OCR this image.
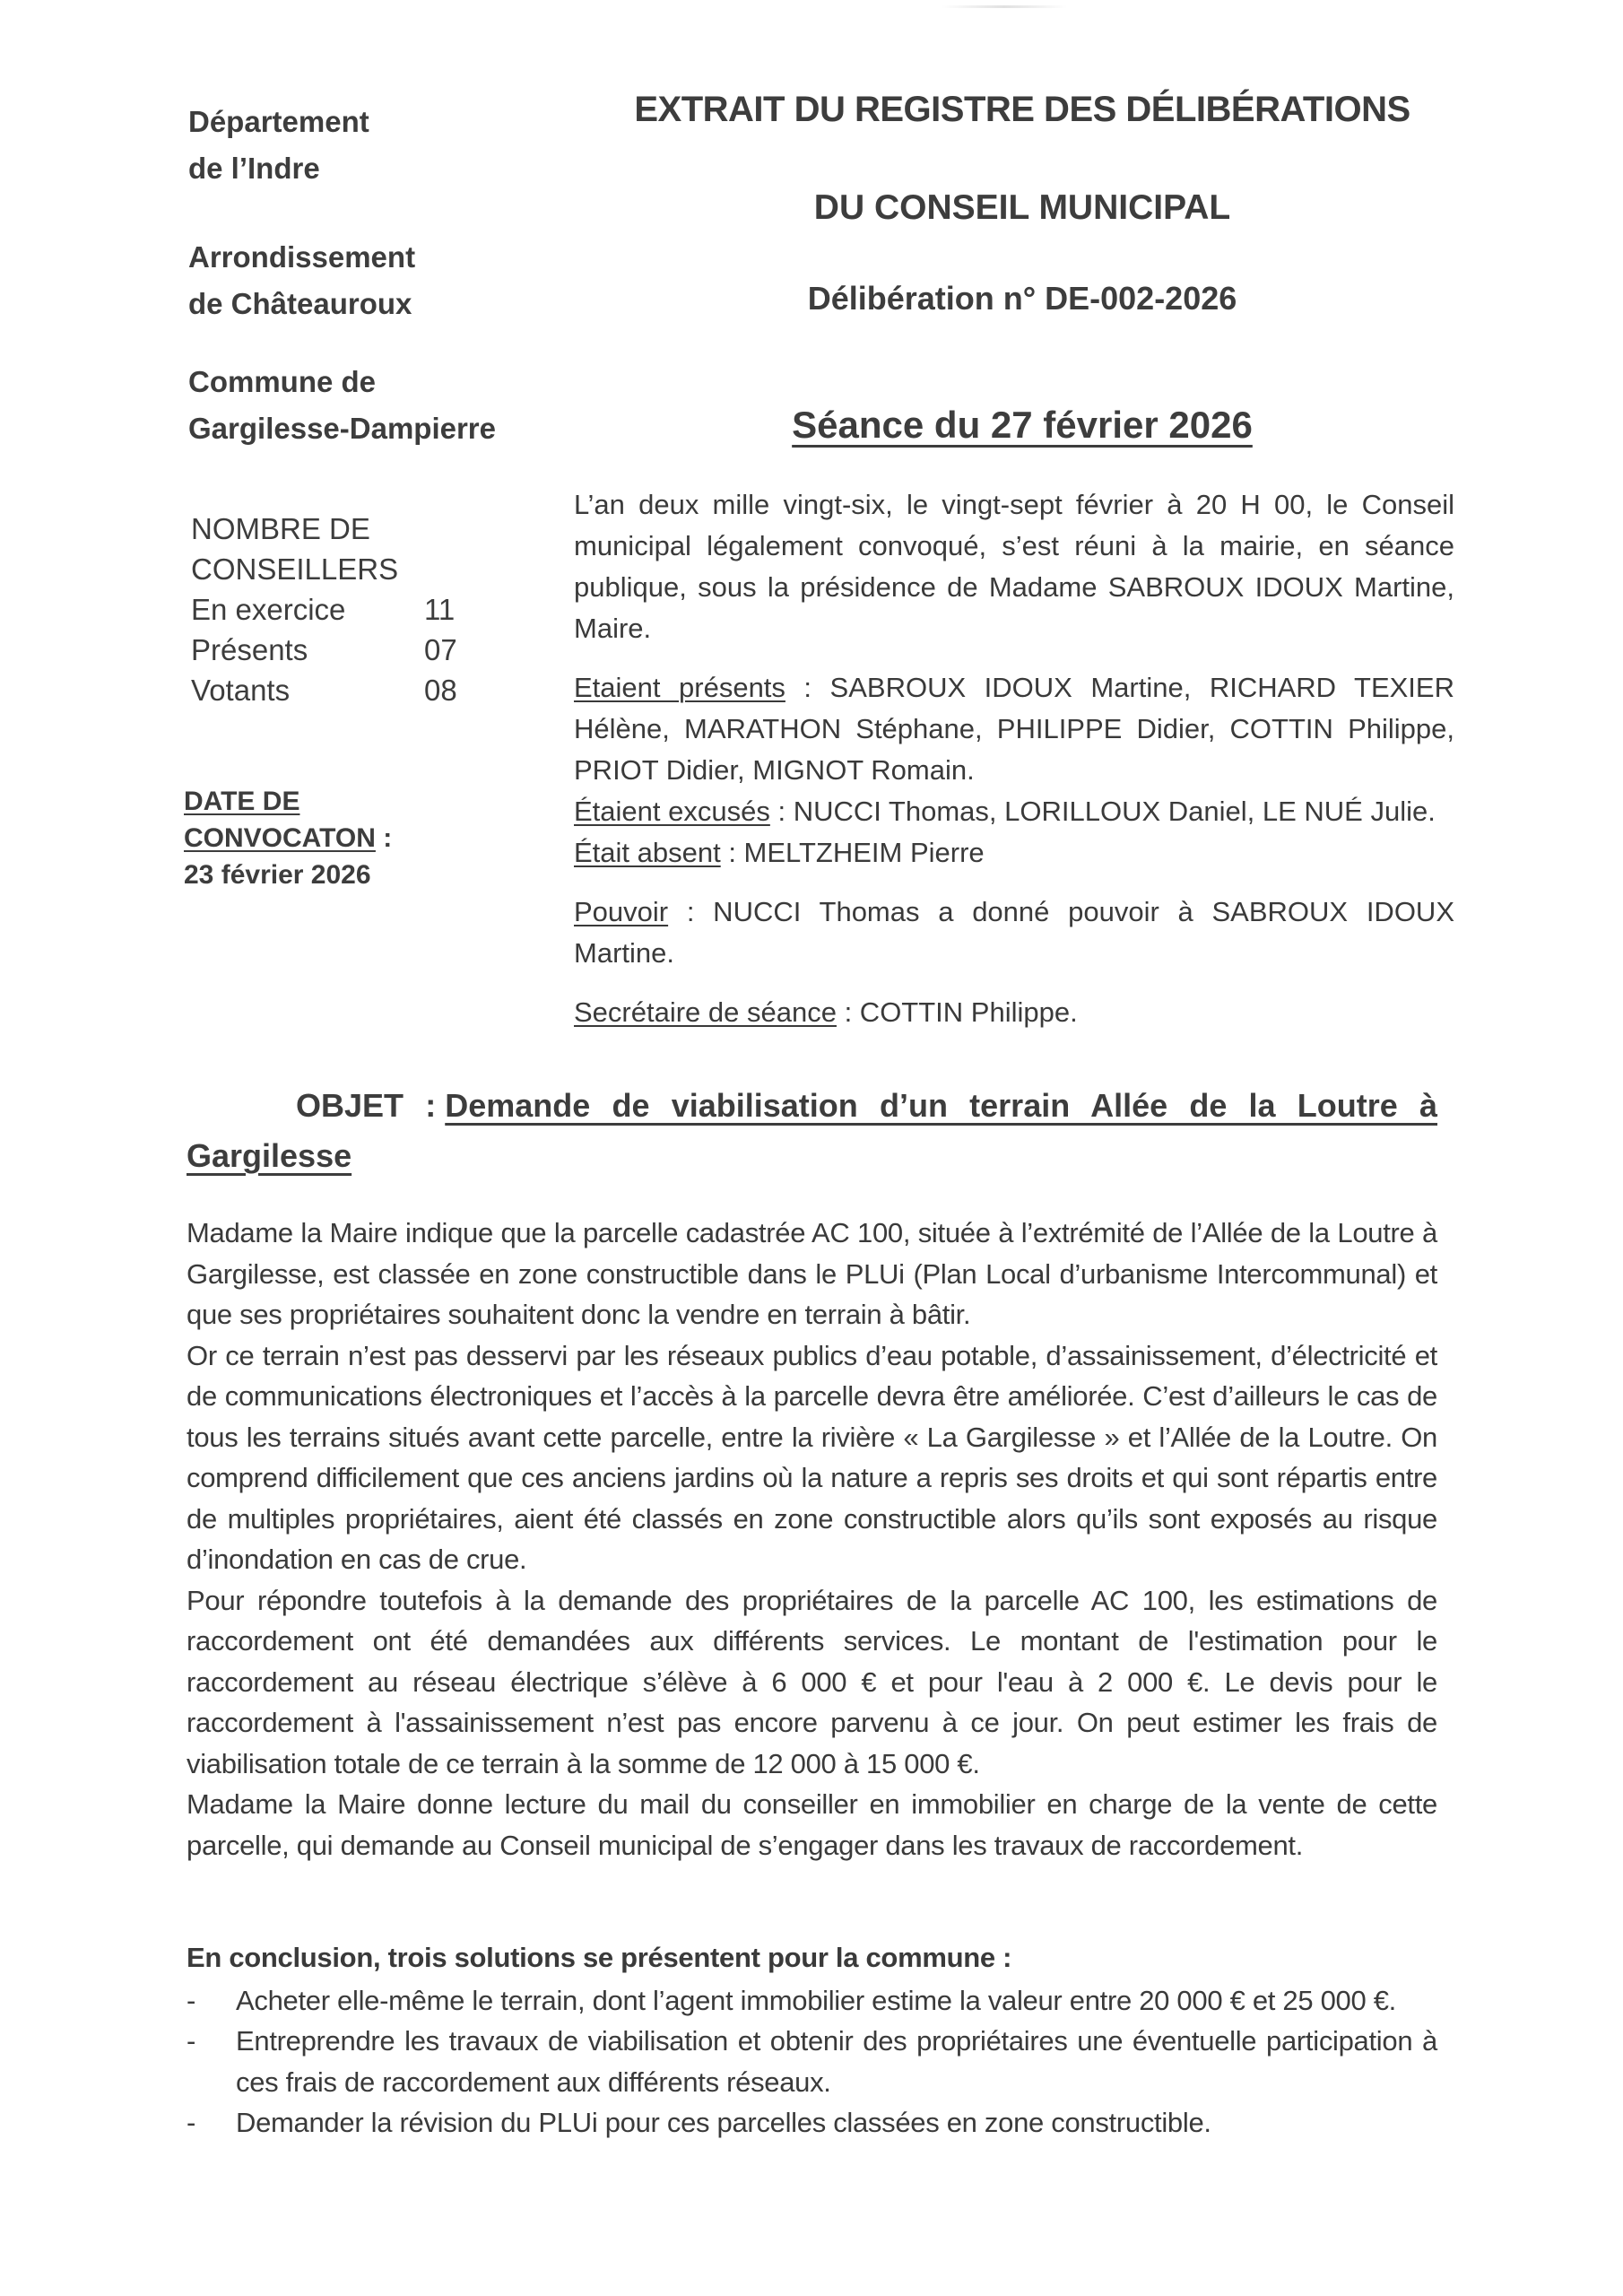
Département
de l’Indre
Arrondissement
de Châteauroux
Commune de
Gargilesse-Dampierre
NOMBRE DE
CONSEILLERS
En exercice	11
Présents	07
Votants	08
DATE DE
CONVOCATON :
23 février 2026
EXTRAIT DU REGISTRE DES DÉLIBÉRATIONS
DU CONSEIL MUNICIPAL
Délibération n° DE-002-2026
Séance du 27 février 2026

L’an deux mille vingt-six, le vingt-sept février à 20 H 00, le Conseil municipal légalement convoqué, s’est réuni à la mairie, en séance publique, sous la présidence de Madame SABROUX IDOUX Martine, Maire.

Etaient présents : SABROUX IDOUX Martine, RICHARD TEXIER Hélène, MARATHON Stéphane, PHILIPPE Didier, COTTIN Philippe, PRIOT Didier, MIGNOT Romain.

Étaient excusés : NUCCI Thomas, LORILLOUX Daniel, LE NUÉ Julie.

Était absent : MELTZHEIM Pierre

Pouvoir : NUCCI Thomas a donné pouvoir à SABROUX IDOUX Martine.

Secrétaire de séance : COTTIN Philippe.

OBJET : Demande de viabilisation d’un terrain Allée de la Loutre à
Gargilesse

Madame la Maire indique que la parcelle cadastrée AC 100, située à l’extrémité de l’Allée de la Loutre à Gargilesse, est classée en zone constructible dans le PLUi (Plan Local d’urbanisme Intercommunal) et que ses propriétaires souhaitent donc la vendre en terrain à bâtir.

Or ce terrain n’est pas desservi par les réseaux publics d’eau potable, d’assainissement, d’électricité et de communications électroniques et l’accès à la parcelle devra être améliorée. C’est d’ailleurs le cas de tous les terrains situés avant cette parcelle, entre la rivière « La Gargilesse » et l’Allée de la Loutre. On comprend difficilement que ces anciens jardins où la nature a repris ses droits et qui sont répartis entre de multiples propriétaires, aient été classés en zone constructible alors qu’ils sont exposés au risque d’inondation en cas de crue.

Pour répondre toutefois à la demande des propriétaires de la parcelle AC 100, les estimations de raccordement ont été demandées aux différents services. Le montant de l'estimation pour le raccordement au réseau électrique s’élève à 6 000 € et pour l'eau à 2 000 €. Le devis pour le raccordement à l'assainissement n’est pas encore parvenu à ce jour. On peut estimer les frais de viabilisation totale de ce terrain à la somme de 12 000 à 15 000 €.

Madame la Maire donne lecture du mail du conseiller en immobilier en charge de la vente de cette parcelle, qui demande au Conseil municipal de s’engager dans les travaux de raccordement.

En conclusion, trois solutions se présentent pour la commune :
- Acheter elle-même le terrain, dont l’agent immobilier estime la valeur entre 20 000 € et 25 000 €.
- Entreprendre les travaux de viabilisation et obtenir des propriétaires une éventuelle participation à ces frais de raccordement aux différents réseaux.
- Demander la révision du PLUi pour ces parcelles classées en zone constructible.
